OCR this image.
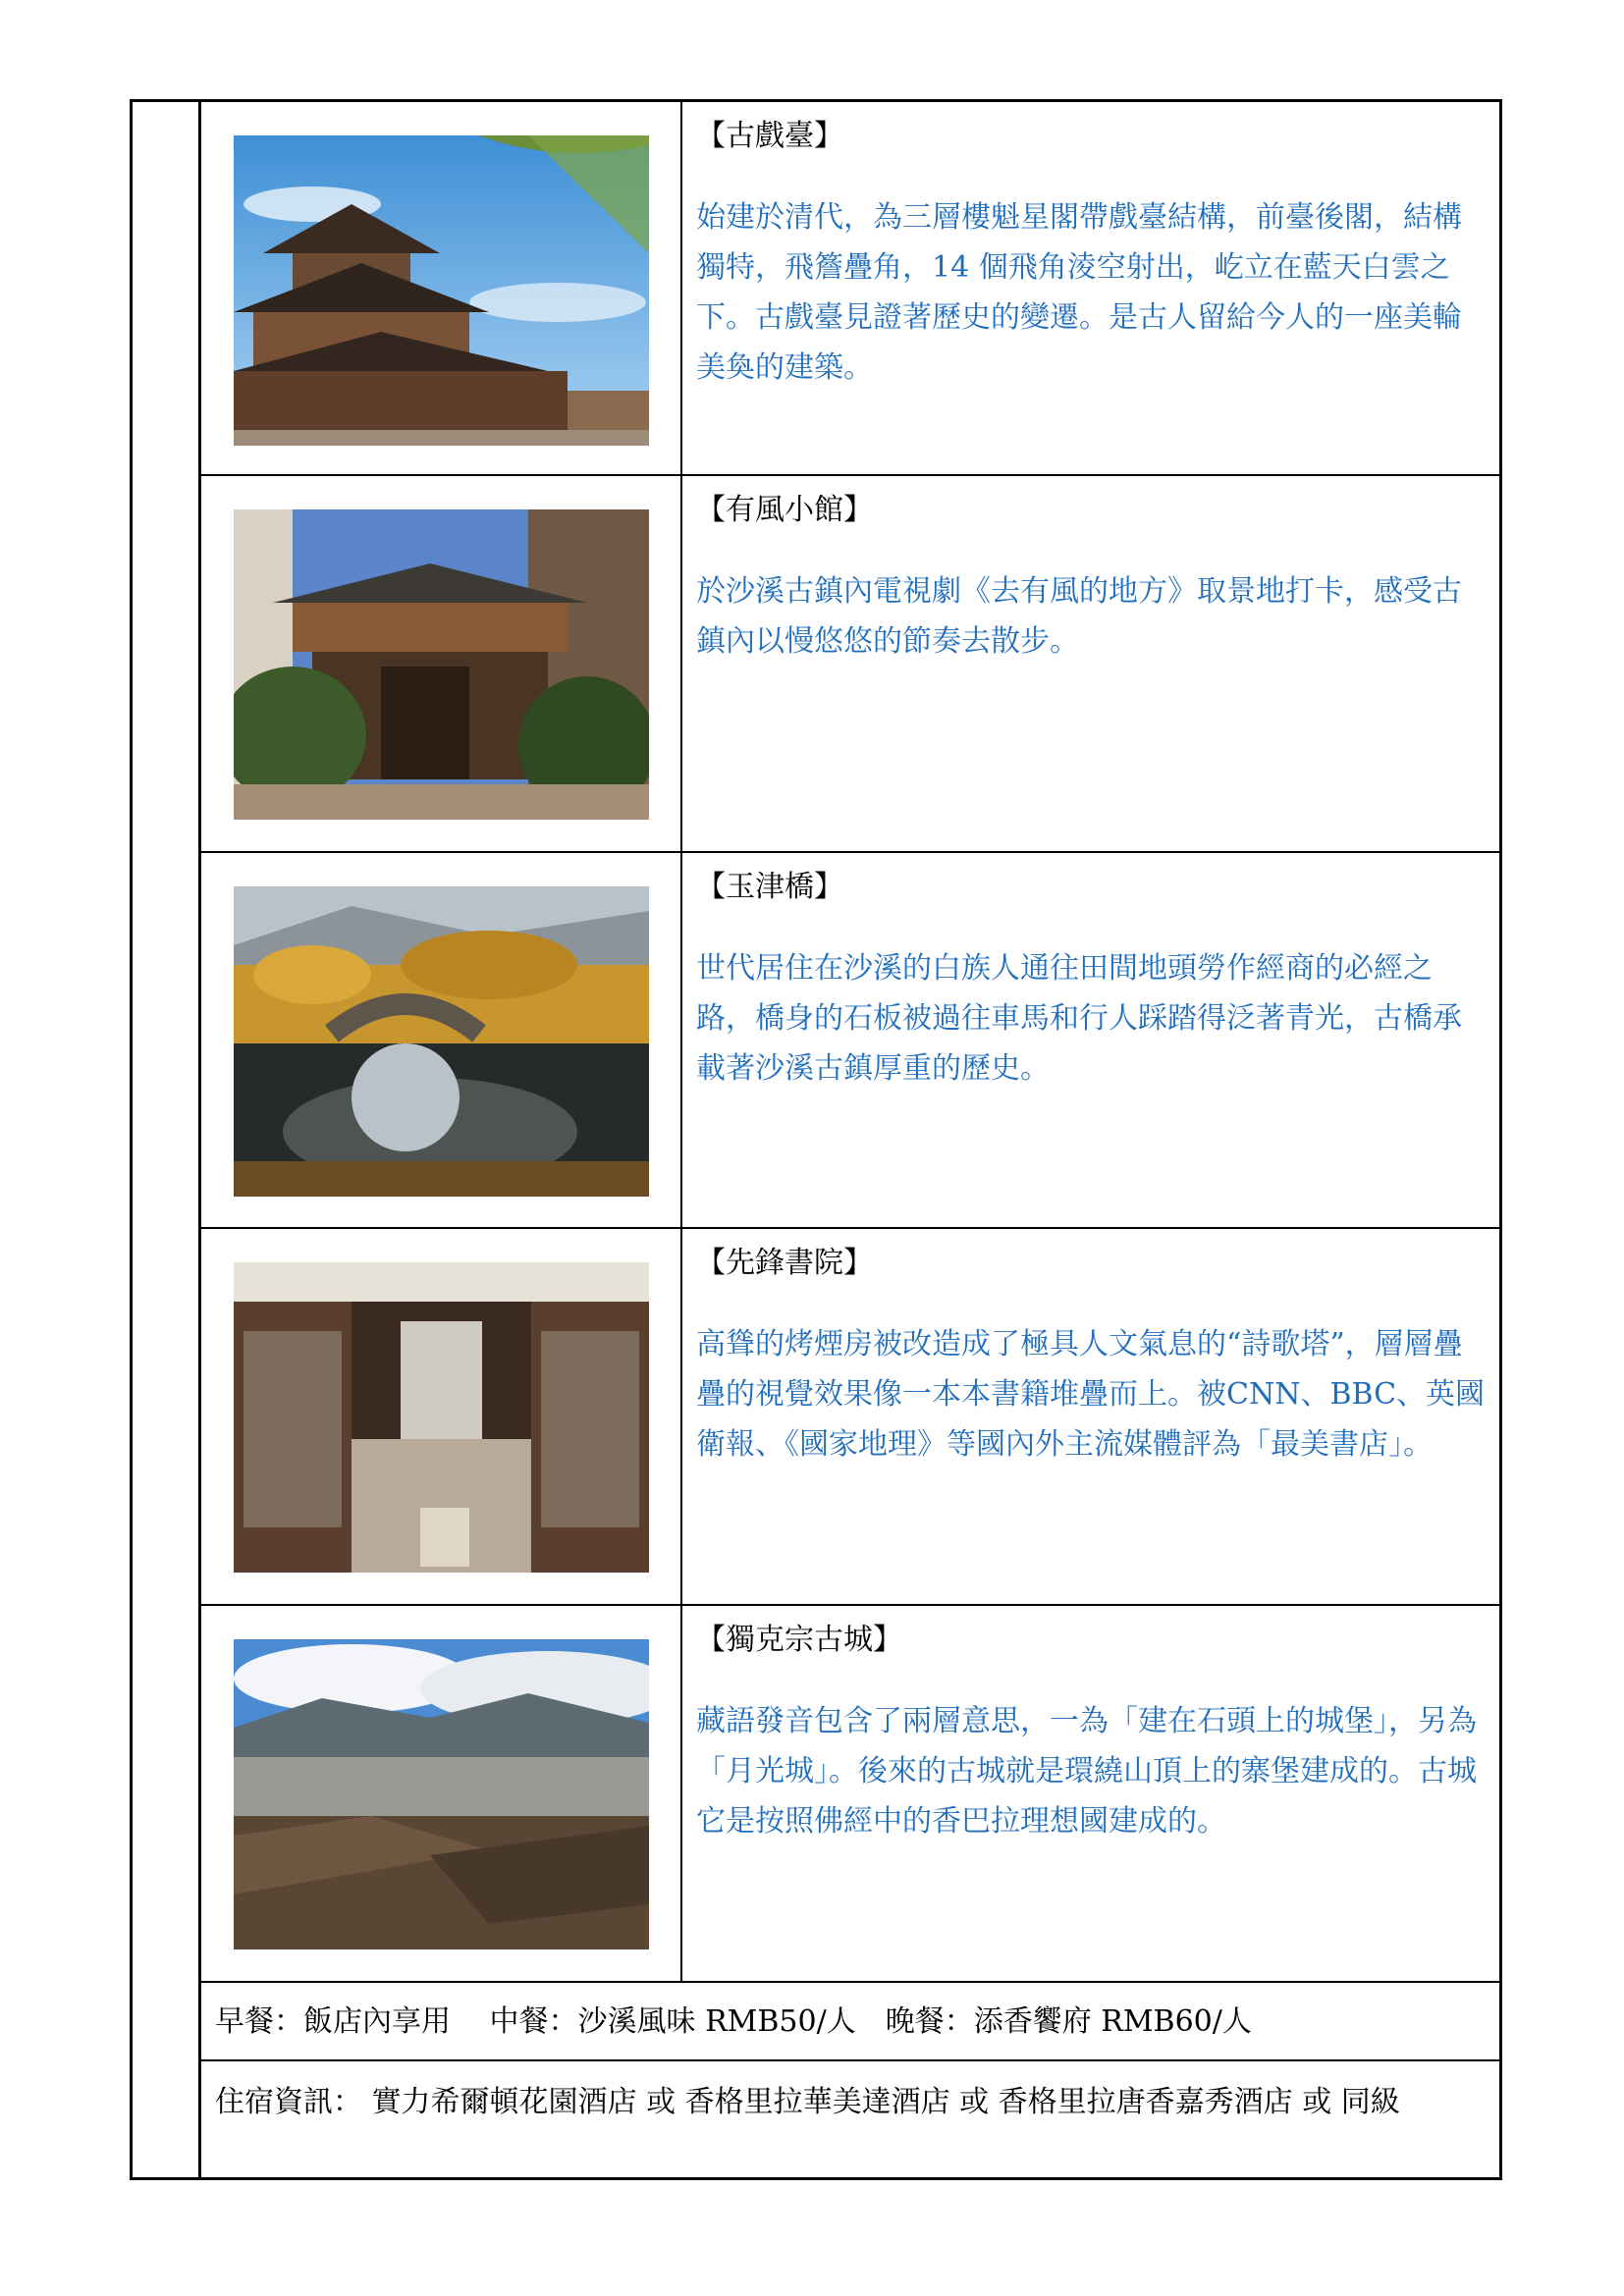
【古戲臺】

始建於清代，為三層樓魁星閣帶戲臺結構，前臺後閣，結構獨特，飛簷疊角，14 個飛角淩空射出，屹立在藍天白雲之下。古戲臺見證著歷史的變遷。是古人留給今人的一座美輪美奐的建築。

【有風小館】

於沙溪古鎮內電視劇《去有風的地方》取景地打卡，感受古鎮內以慢悠悠的節奏去散步。

【玉津橋】

世代居住在沙溪的白族人通往田間地頭勞作經商的必經之路，橋身的石板被過往車馬和行人踩踏得泛著青光，古橋承載著沙溪古鎮厚重的歷史。

【先鋒書院】

高聳的烤煙房被改造成了極具人文氣息的“詩歌塔”，層層疊疊的視覺效果像一本本書籍堆疊而上。被CNN、BBC、英國衛報、《國家地理》等國內外主流媒體評為「最美書店」。

【獨克宗古城】

藏語發音包含了兩層意思，一為「建在石頭上的城堡」，另為「月光城」。後來的古城就是環繞山頂上的寨堡建成的。古城它是按照佛經中的香巴拉理想國建成的。

早餐：飯店內享用　 中餐：沙溪風味 RMB50/人　晚餐：添香饗府 RMB60/人
住宿資訊： 實力希爾頓花園酒店 或 香格里拉華美達酒店 或 香格里拉唐香嘉秀酒店 或 同級
